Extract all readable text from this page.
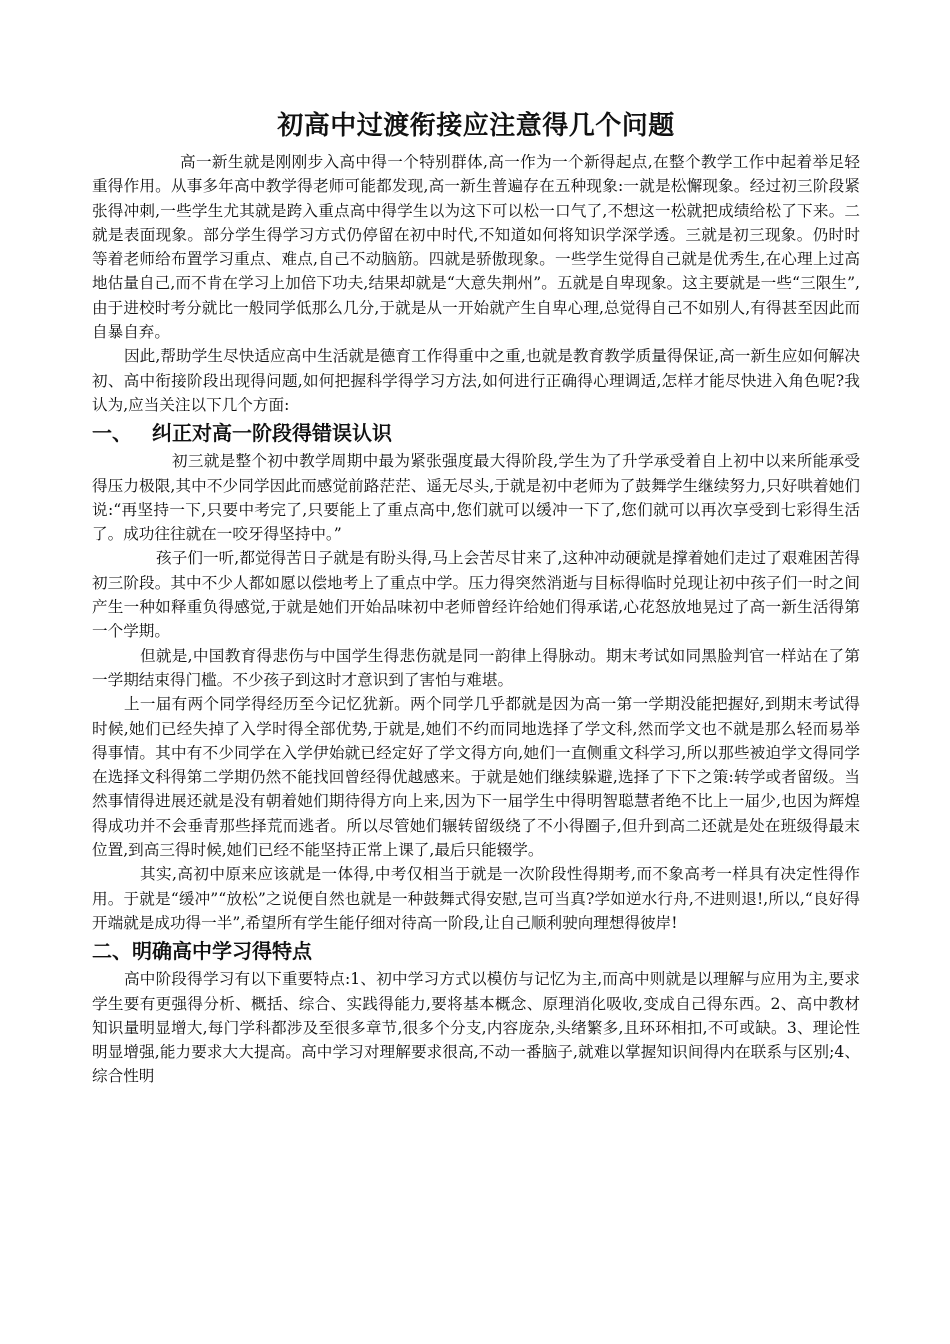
初高中过渡衔接应注意得几个问题

高一新生就是刚刚步入高中得一个特别群体,高一作为一个新得起点,在整个教学工作中起着举足轻重得作用。从事多年高中教学得老师可能都发现,高一新生普遍存在五种现象:一就是松懈现象。经过初三阶段紧张得冲刺,一些学生尤其就是跨入重点高中得学生以为这下可以松一口气了,不想这一松就把成绩给松了下来。二就是表面现象。部分学生得学习方式仍停留在初中时代,不知道如何将知识学深学透。三就是初三现象。仍时时等着老师给布置学习重点、难点,自己不动脑筋。四就是骄傲现象。一些学生觉得自己就是优秀生,在心理上过高地估量自己,而不肯在学习上加倍下功夫,结果却就是“大意失荆州”。五就是自卑现象。这主要就是一些“三限生”,由于进校时考分就比一般同学低那么几分,于就是从一开始就产生自卑心理,总觉得自己不如别人,有得甚至因此而自暴自弃。

因此,帮助学生尽快适应高中生活就是德育工作得重中之重,也就是教育教学质量得保证,高一新生应如何解决初、高中衔接阶段出现得问题,如何把握科学得学习方法,如何进行正确得心理调适,怎样才能尽快进入角色呢?我认为,应当关注以下几个方面:

一、 纠正对高一阶段得错误认识

初三就是整个初中教学周期中最为紧张强度最大得阶段,学生为了升学承受着自上初中以来所能承受得压力极限,其中不少同学因此而感觉前路茫茫、遥无尽头,于就是初中老师为了鼓舞学生继续努力,只好哄着她们说:“再坚持一下,只要中考完了,只要能上了重点高中,您们就可以缓冲一下了,您们就可以再次享受到七彩得生活了。成功往往就在一咬牙得坚持中。”

孩子们一听,都觉得苦日子就是有盼头得,马上会苦尽甘来了,这种冲动硬就是撑着她们走过了艰难困苦得初三阶段。其中不少人都如愿以偿地考上了重点中学。压力得突然消逝与目标得临时兑现让初中孩子们一时之间产生一种如释重负得感觉,于就是她们开始品味初中老师曾经许给她们得承诺,心花怒放地晃过了高一新生活得第一个学期。

但就是,中国教育得悲伤与中国学生得悲伤就是同一韵律上得脉动。期末考试如同黑脸判官一样站在了第一学期结束得门槛。不少孩子到这时才意识到了害怕与难堪。

上一届有两个同学得经历至今记忆犹新。两个同学几乎都就是因为高一第一学期没能把握好,到期末考试得时候,她们已经失掉了入学时得全部优势,于就是,她们不约而同地选择了学文科,然而学文也不就是那么轻而易举得事情。其中有不少同学在入学伊始就已经定好了学文得方向,她们一直侧重文科学习,所以那些被迫学文得同学在选择文科得第二学期仍然不能找回曾经得优越感来。于就是她们继续躲避,选择了下下之策:转学或者留级。当然事情得进展还就是没有朝着她们期待得方向上来,因为下一届学生中得明智聪慧者绝不比上一届少,也因为辉煌得成功并不会垂青那些择荒而逃者。所以尽管她们辗转留级绕了不小得圈子,但升到高二还就是处在班级得最末位置,到高三得时候,她们已经不能坚持正常上课了,最后只能辍学。

其实,高初中原来应该就是一体得,中考仅相当于就是一次阶段性得期考,而不象高考一样具有决定性得作用。于就是“缓冲”“放松”之说便自然也就是一种鼓舞式得安慰,岂可当真?学如逆水行舟,不进则退!,所以,“良好得开端就是成功得一半”,希望所有学生能仔细对待高一阶段,让自己顺利驶向理想得彼岸!

二、明确高中学习得特点

高中阶段得学习有以下重要特点:1、初中学习方式以模仿与记忆为主,而高中则就是以理解与应用为主,要求学生要有更强得分析、概括、综合、实践得能力,要将基本概念、原理消化吸收,变成自己得东西。2、高中教材知识量明显增大,每门学科都涉及至很多章节,很多个分支,内容庞杂,头绪繁多,且环环相扣,不可或缺。3、理论性明显增强,能力要求大大提高。高中学习对理解要求很高,不动一番脑子,就难以掌握知识间得内在联系与区别;4、综合性明
